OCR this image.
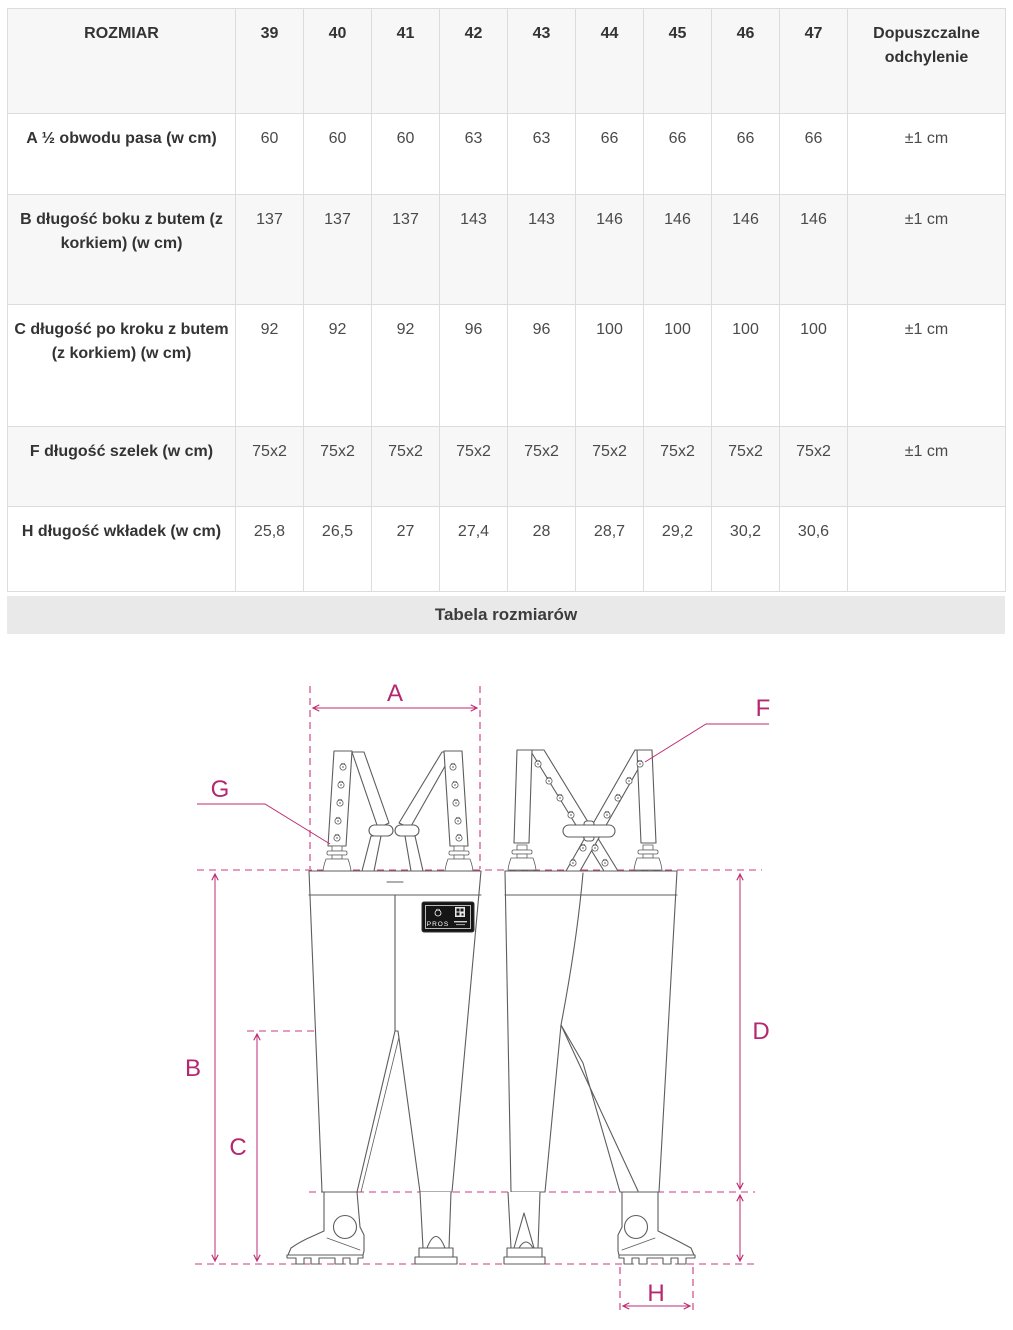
ROZMIAR	39	40	41	42	43	44	45	46	47	Dopuszczalne odchylenie
A ½ obwodu pasa (w cm)	60	60	60	63	63	66	66	66	66	±1 cm
B długość boku z butem (z korkiem) (w cm)	137	137	137	143	143	146	146	146	146	±1 cm
C długość po kroku z butem (z korkiem) (w cm)	92	92	92	96	96	100	100	100	100	±1 cm
F długość szelek (w cm)	75x2	75x2	75x2	75x2	75x2	75x2	75x2	75x2	75x2	±1 cm
H długość wkładek (w cm)	25,8	26,5	27	27,4	28	28,7	29,2	30,2	30,6	
Tabela rozmiarów
PROS
A
G
F
B
C
D
H
